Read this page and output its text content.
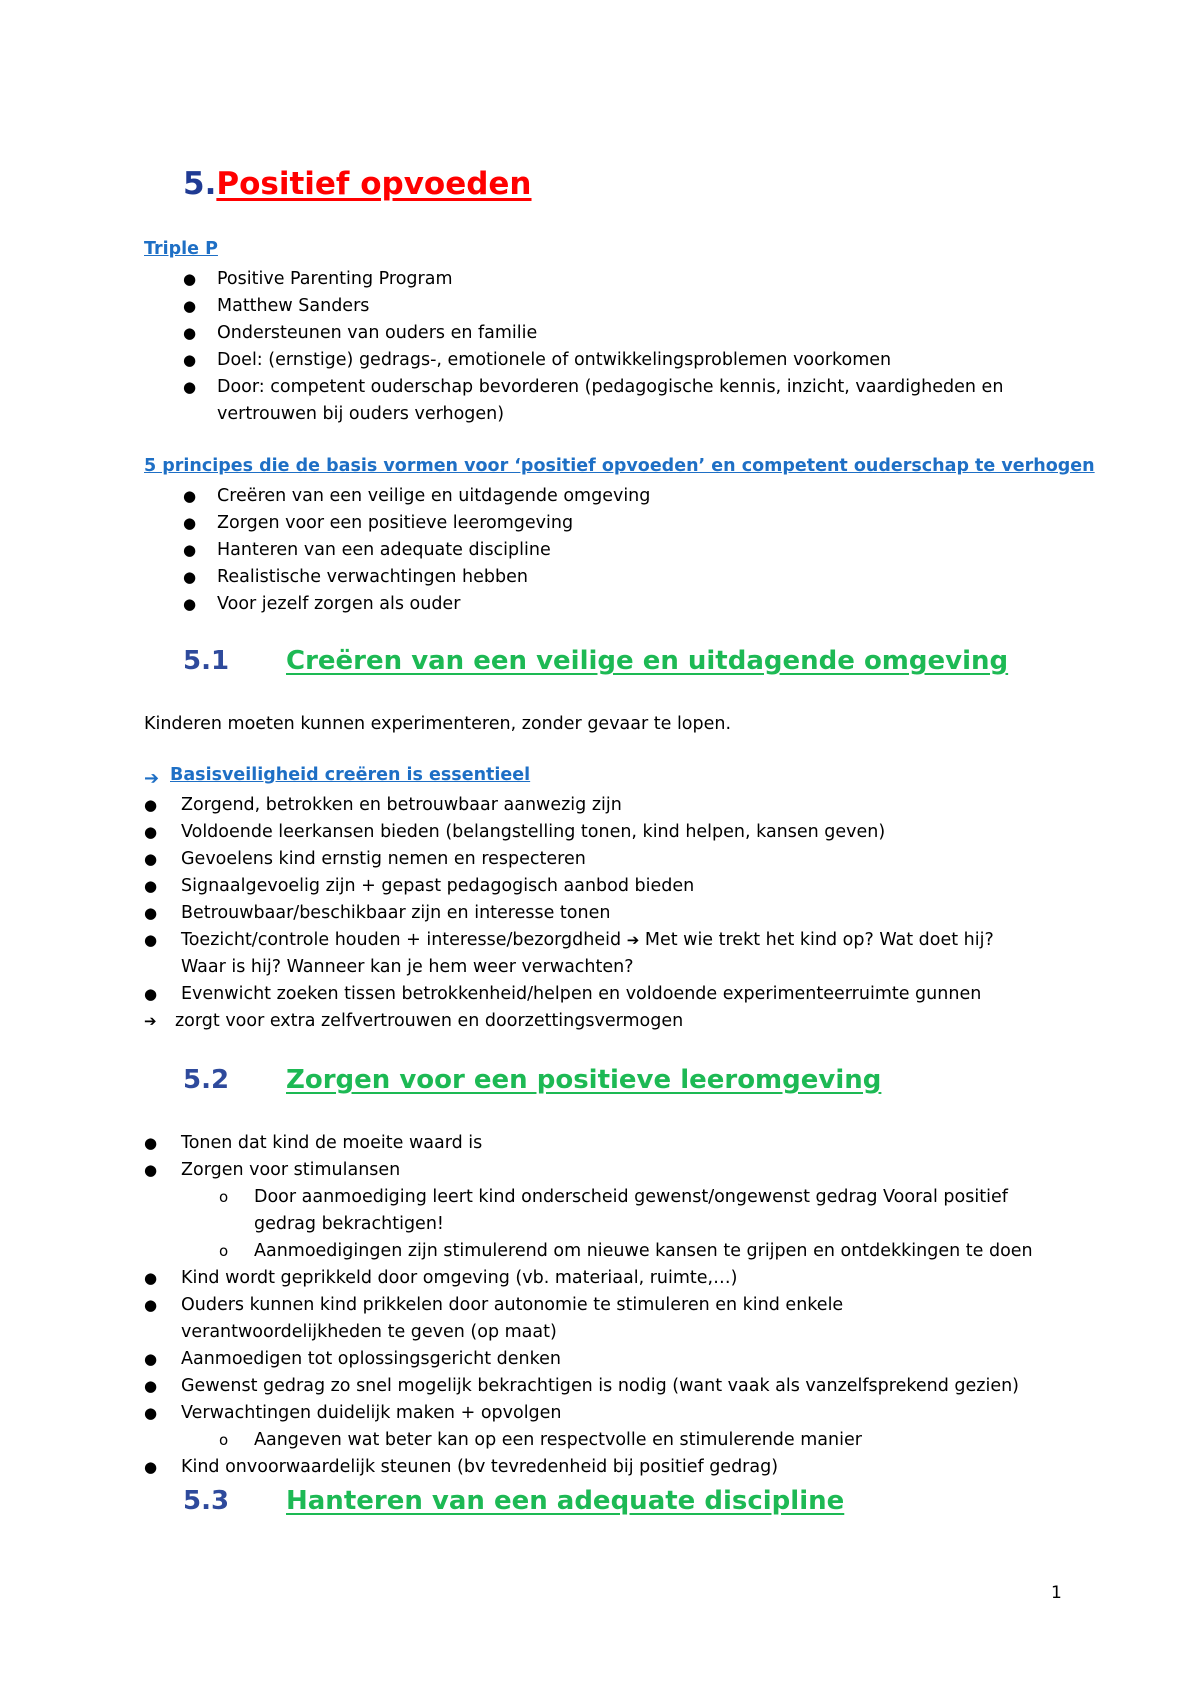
5.Positief opvoeden
Triple P
● Positive Parenting Program
● Matthew Sanders
● Ondersteunen van ouders en familie
● Doel: (ernstige) gedrags-, emotionele of ontwikkelingsproblemen voorkomen
● Door: competent ouderschap bevorderen (pedagogische kennis, inzicht, vaardigheden en
vertrouwen bij ouders verhogen)
5 principes die de basis vormen voor ‘positief opvoeden’ en competent ouderschap te verhogen
● Creëren van een veilige en uitdagende omgeving
● Zorgen voor een positieve leeromgeving
● Hanteren van een adequate discipline
● Realistische verwachtingen hebben
● Voor jezelf zorgen als ouder
5.1 Creëren van een veilige en uitdagende omgeving
Kinderen moeten kunnen experimenteren, zonder gevaar te lopen.
➔ Basisveiligheid creëren is essentieel
● Zorgend, betrokken en betrouwbaar aanwezig zijn
● Voldoende leerkansen bieden (belangstelling tonen, kind helpen, kansen geven)
● Gevoelens kind ernstig nemen en respecteren
● Signaalgevoelig zijn + gepast pedagogisch aanbod bieden
● Betrouwbaar/beschikbaar zijn en interesse tonen
● Toezicht/controle houden + interesse/bezorgdheid ➔ Met wie trekt het kind op? Wat doet hij?
Waar is hij? Wanneer kan je hem weer verwachten?
● Evenwicht zoeken tissen betrokkenheid/helpen en voldoende experimenteerruimte gunnen
➔ zorgt voor extra zelfvertrouwen en doorzettingsvermogen
5.2 Zorgen voor een positieve leeromgeving
● Tonen dat kind de moeite waard is
● Zorgen voor stimulansen
o Door aanmoediging leert kind onderscheid gewenst/ongewenst gedrag Vooral positief
gedrag bekrachtigen!
o Aanmoedigingen zijn stimulerend om nieuwe kansen te grijpen en ontdekkingen te doen
● Kind wordt geprikkeld door omgeving (vb. materiaal, ruimte,…)
● Ouders kunnen kind prikkelen door autonomie te stimuleren en kind enkele
verantwoordelijkheden te geven (op maat)
● Aanmoedigen tot oplossingsgericht denken
● Gewenst gedrag zo snel mogelijk bekrachtigen is nodig (want vaak als vanzelfsprekend gezien)
● Verwachtingen duidelijk maken + opvolgen
o Aangeven wat beter kan op een respectvolle en stimulerende manier
● Kind onvoorwaardelijk steunen (bv tevredenheid bij positief gedrag)
5.3 Hanteren van een adequate discipline
1
